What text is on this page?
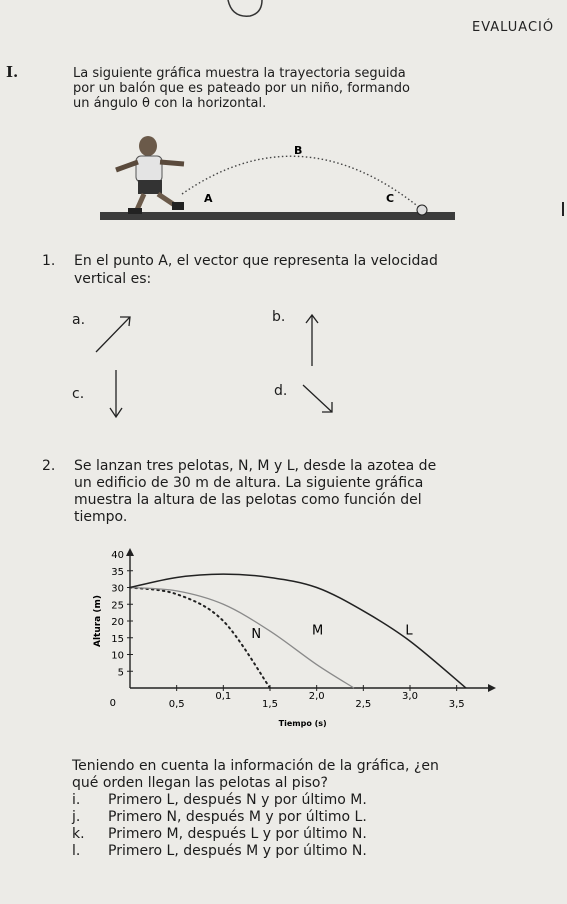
EVALUACIÓ
I.	La siguiente gráfica muestra la trayectoria seguida

por un balón que es pateado por un niño, formando

un ángulo θ con la horizontal.

A
B
C
1. En el punto A, el vector que representa la velocidad
vertical es:
a.	b.
c.	d.
2. Se lanzan tres pelotas, N, M y L, desde la azotea de
un edificio de 30 m de altura. La siguiente gráfica
muestra la altura de las pelotas como función del
tiempo.
40
35
30
25
20
15
10
5
0	0,5
0,1
1,5
2,0
2,5
3,0
3,5
Tiempo (s)
Altura (m)	N	M	L
Teniendo en cuenta la información de la gráfica, ¿en
qué orden llegan las pelotas al piso?
i. Primero L, después N y por último M.
j. Primero N, después M y por último L.
k. Primero M, después L y por último N.
l. Primero L, después M y por último N.
